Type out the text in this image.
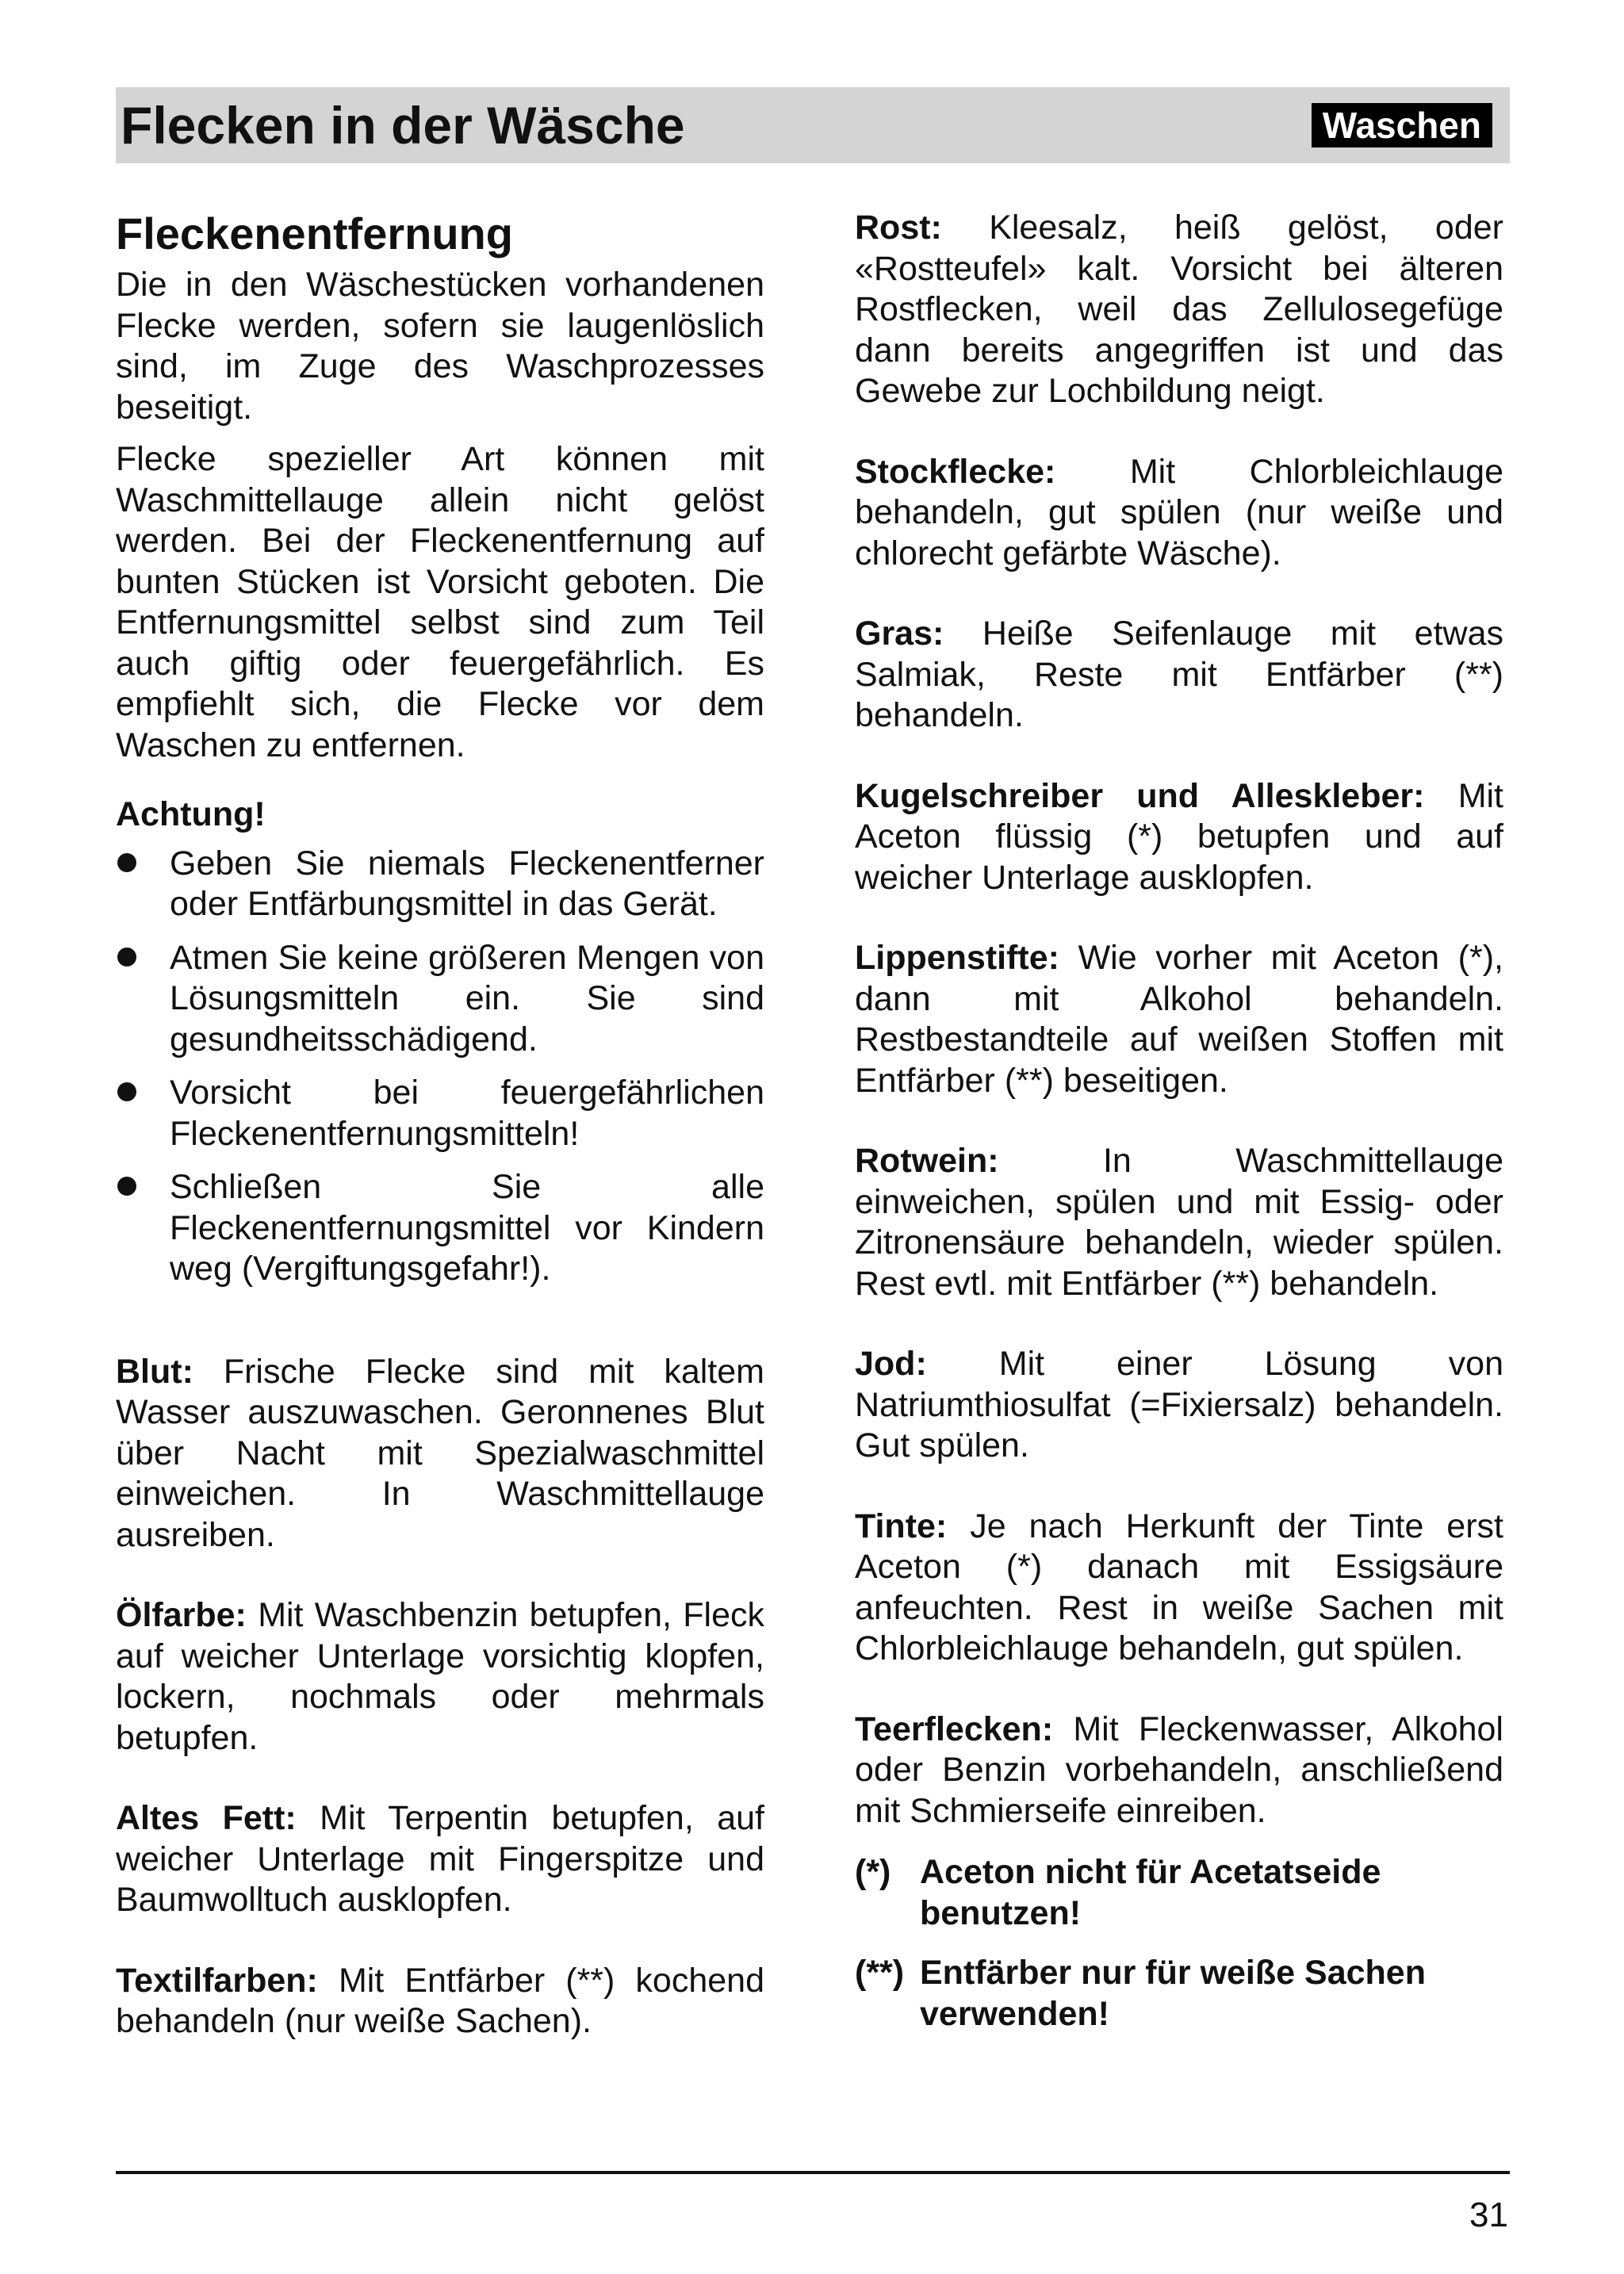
Flecken in der Wäsche	Waschen
Fleckenentfernung

Die in den Wäschestücken vorhandenen Flecke werden, sofern sie laugenlöslich sind, im Zuge des Waschprozesses beseitigt.

Flecke spezieller Art können mit Waschmittellauge allein nicht gelöst werden. Bei der Fleckenentfernung auf bunten Stücken ist Vorsicht geboten. Die Entfernungsmittel selbst sind zum Teil auch giftig oder feuergefährlich. Es empfiehlt sich, die Flecke vor dem Waschen zu entfernen.

Achtung!
Geben Sie niemals Fleckenentferner oder Entfärbungsmittel in das Gerät.
Atmen Sie keine größeren Mengen von Lösungsmitteln ein. Sie sind gesundheitsschädigend.
Vorsicht bei feuergefährlichen Fleckenentfernungsmitteln!
Schließen Sie alle Fleckenentfernungsmittel vor Kindern weg (Vergiftungsgefahr!).

Blut: Frische Flecke sind mit kaltem Wasser auszuwaschen. Geronnenes Blut über Nacht mit Spezialwaschmittel einweichen. In Waschmittellauge ausreiben.

Ölfarbe: Mit Waschbenzin betupfen, Fleck auf weicher Unterlage vorsichtig klopfen, lockern, nochmals oder mehrmals betupfen.

Altes Fett: Mit Terpentin betupfen, auf weicher Unterlage mit Fingerspitze und Baumwolltuch ausklopfen.

Textilfarben: Mit Entfärber (**) kochend behandeln (nur weiße Sachen).

Rost: Kleesalz, heiß gelöst, oder «Rostteufel» kalt. Vorsicht bei älteren Rostflecken, weil das Zellulosegefüge dann bereits angegriffen ist und das Gewebe zur Lochbildung neigt.

Stockflecke: Mit Chlorbleichlauge behandeln, gut spülen (nur weiße und chlorecht gefärbte Wäsche).

Gras: Heiße Seifenlauge mit etwas Salmiak, Reste mit Entfärber (**) behandeln.

Kugelschreiber und Alleskleber: Mit Aceton flüssig (*) betupfen und auf weicher Unterlage ausklopfen.

Lippenstifte: Wie vorher mit Aceton (*), dann mit Alkohol behandeln. Restbestandteile auf weißen Stoffen mit Entfärber (**) beseitigen.

Rotwein:	In Waschmittellauge einweichen, spülen und mit Essig- oder Zitronensäure behandeln, wieder spülen. Rest evtl. mit Entfärber (**) behandeln.

Jod: Mit einer Lösung von Natriumthiosulfat (=Fixiersalz) behandeln. Gut spülen.

Tinte: Je nach Herkunft der Tinte erst Aceton (*) danach mit Essigsäure anfeuchten. Rest in weiße Sachen mit Chlorbleichlauge behandeln, gut spülen.

Teerflecken: Mit Fleckenwasser, Alkohol oder Benzin vorbehandeln, anschließend mit Schmierseife einreiben.

(*) Aceton nicht für Acetatseide benutzen!

(**) Entfärber nur für weiße Sachen verwenden!

31
